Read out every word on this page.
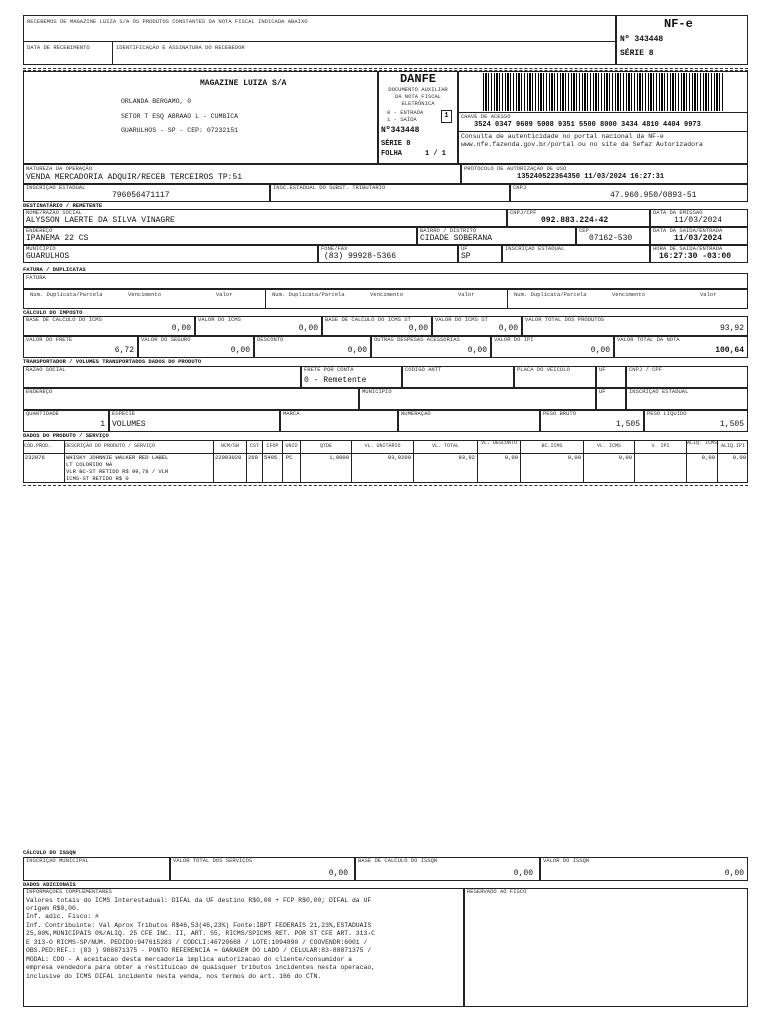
RECEBEMOS DE MAGAZINE LUIZA S/A OS PRODUTOS CONSTANTES DA NOTA FISCAL INDICADA ABAIXO
DATA DE RECEBIMENTO	IDENTIFICAÇÃO E ASSINATURA DO RECEBEDOR
NF-e
Nº 343448
SÉRIE 8
MAGAZINE LUIZA S/A
ORLANDA BERGAMO, 0
SETOR T ESQ ABRAAO L - CUMBICA
GUARULHOS - SP - CEP: 07232151
DANFE
DOCUMENTO AUXILIAR
DA NOTA FISCAL
ELETRÔNICA
0 - ENTRADA
1 - SAÍDA	1
Nº343448
SÉRIE 8
FOLHA	1 / 1
CHAVE DE ACESSO
3524 0347 9609 5008 9351 5500 8000 3434 4810 4404 9973
Consulta de autenticidade no portal nacional da NF-e www.nfe.fazenda.gov.br/portal ou no site da Sefaz Autorizadora
NATUREZA DA OPERAÇÃO
VENDA MERCADORIA ADQUIR/RECEB TERCEIROS TP:51
PROTOCOLO DE AUTORIZAÇÃO DE USO
135240522364350 11/03/2024 16:27:31
INSCRIÇÃO ESTADUAL
796056471117
INSC.ESTADUAL DO SUBST. TRIBUTÁRIO	CNPJ
47.960.950/0893-51
DESTINATÁRIO / REMETENTE
NOME/RAZÃO SOCIAL
ALYSSON LAERTE DA SILVA VINAGRE
CNPJ/CPF
092.883.224-42
DATA DA EMISSÃO
11/03/2024
ENDEREÇO
IPANEMA 22 CS
BAIRRO / DISTRITO
CIDADE SOBERANA
CEP
07162-530
DATA DA SAÍDA/ENTRADA
11/03/2024
MUNICÍPIO
GUARULHOS
FONE/FAX
(83) 99928-5366
UF
SP
INSCRIÇÃO ESTADUAL	HORA DE SAÍDA/ENTRADA
16:27:30 -03:00
FATURA / DUPLICATAS
FATURA
Num. Duplicata/Parcela	Vencimento	Valor	Num. Duplicata/Parcela	Vencimento	Valor	Num. Duplicata/Parcela	Vencimento	Valor
CÁLCULO DO IMPOSTO
BASE DE CÁLCULO DO ICMS
0,00
VALOR DO ICMS
0,00
BASE DE CÁLCULO DO ICMS ST
0,00
VALOR DO ICMS ST
0,00
VALOR TOTAL DOS PRODUTOS
93,92
VALOR DO FRETE
6,72
VALOR DO SEGURO
0,00
DESCONTO
0,00
OUTRAS DESPESAS ACESSÓRIAS
0,00
VALOR DO IPI
0,00
VALOR TOTAL DA NOTA
100,64
TRANSPORTADOR / VOLUMES TRANSPORTADOS DADOS DO PRODUTO
RAZÃO SOCIAL	FRETE POR CONTA
0 - Remetente
CÓDIGO ANTT	PLACA DO VEÍCULO	UF	CNPJ / CPF
ENDEREÇO	MUNICÍPIO	UF	INSCRIÇÃO ESTADUAL
QUANTIDADE
1
ESPÉCIE
VOLUMES
MARCA	NUMERAÇÃO	PESO BRUTO
1,505
PESO LÍQUIDO
1,505
DADOS DO PRODUTO / SERVIÇO
CÓD.PROD.	DESCRIÇÃO DO PRODUTO / SERVIÇO	NCM/SH	CST	CFOP	UNID	QTDE	VL. UNITÁRIO	VL. TOTAL	VL. DESCONTO	BC.ICMS	VL. ICMS	V. IPI	ALIQ. ICMS ALIQ.IPI
232076	WHISKY JOHNNIE WALKER RED LABEL
LT COLORIDO NA
VLR BC-ST RETIDO R$ 99,78 / VLR
ICMS-ST RETIDO R$ 0
22083020 260 5405 PC	1,0000	93,9200	93,92	0,00	0,00	0,00	0,00	0,00
CÁLCULO DO ISSQN
INSCRIÇÃO MUNICIPAL	VALOR TOTAL DOS SERVIÇOS
0,00
BASE DE CÁLCULO DO ISSQN
0,00
VALOR DO ISSQN
0,00
DADOS ADICIONAIS
INFORMAÇÕES COMPLEMENTARES	RESERVADO AO FISCO
Valores totais do ICMS Interestadual: DIFAL da UF destino R$0,00 + FCP R$0,00; DIFAL da UF
origem R$0,00.
Inf. adic. Fisco: #
Inf. Contribuinte: Val Aprox Tributos R$46,53(46,23%) Fonte:IBPT FEDERAIS 21,23%,ESTADUAIS
25,00%,MUNICIPAIS 0%/ALIQ. 25 CFE INC. II, ART. 55, RICMS/SPICMS RET. POR ST CFE ART. 313-C
E 313-O RICMS-SP/NUM. PEDIDO:947615283 / CODCLI:46720668 / LOTE:1094890 / COOVENDR:6001 /
OBS.PED:REF.: (83 ) 988871375 - PONTO REFERENCIA = GARAGEM DO LADO / CELULAR:83-88871375 /
MODAL: CDO - A aceitacao desta mercadoria implica autorizacao do cliente/consumidor a
empresa vendedora para obter a restituicao de quaisquer tributos incidentes nesta operacao,
inclusive do ICMS DIFAL incidente nesta venda, nos termos do art. 166 do CTN.
